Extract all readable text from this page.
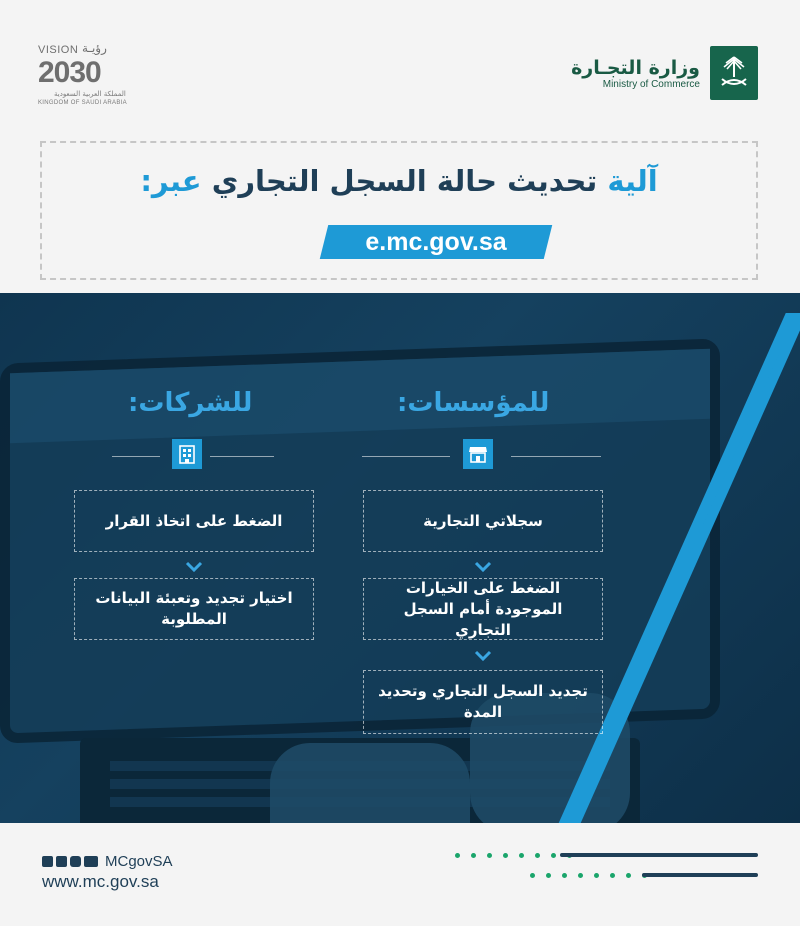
VISION رؤيـة
2030
المملكة العربية السعودية
KINGDOM OF SAUDI ARABIA
وزارة التجـارة
Ministry of Commerce
آلية تحديث حالة السجل التجاري عبر:
e.mc.gov.sa
للمؤسسات:
سجلاتي التجارية
الضغط على الخيارات الموجودة أمام السجل التجاري
تجديد السجل التجاري وتحديد المدة
للشركات:
الضغط على اتخاذ القرار
اختيار تجديد وتعبئة البيانات المطلوبة
MCgovSA
www.mc.gov.sa
